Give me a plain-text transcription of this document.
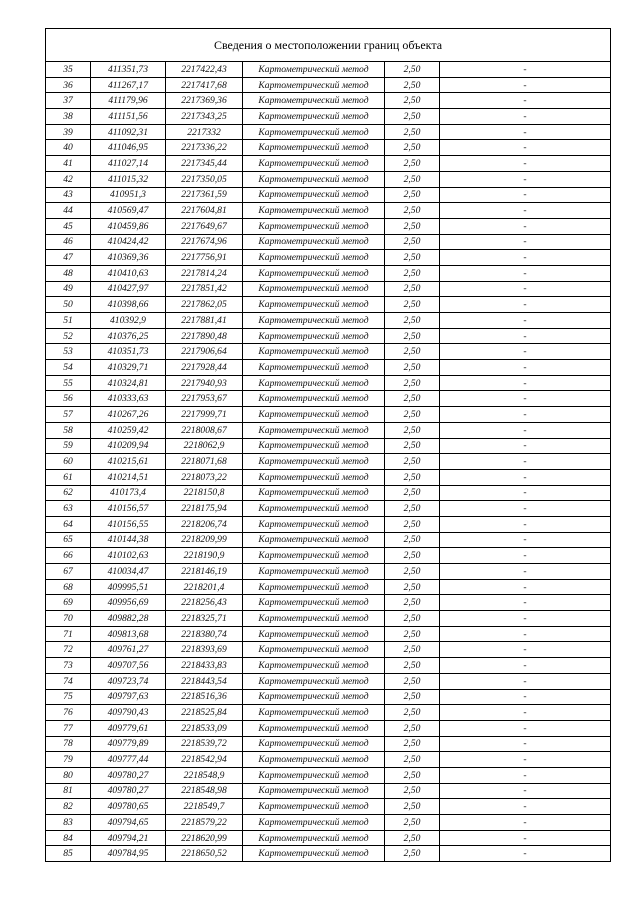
Сведения о местоположении границ объекта					
35	411351,73	2217422,43	Картометрический метод	2,50	-
36	411267,17	2217417,68	Картометрический метод	2,50	-
37	411179,96	2217369,36	Картометрический метод	2,50	-
38	411151,56	2217343,25	Картометрический метод	2,50	-
39	411092,31	2217332	Картометрический метод	2,50	-
40	411046,95	2217336,22	Картометрический метод	2,50	-
41	411027,14	2217345,44	Картометрический метод	2,50	-
42	411015,32	2217350,05	Картометрический метод	2,50	-
43	410951,3	2217361,59	Картометрический метод	2,50	-
44	410569,47	2217604,81	Картометрический метод	2,50	-
45	410459,86	2217649,67	Картометрический метод	2,50	-
46	410424,42	2217674,96	Картометрический метод	2,50	-
47	410369,36	2217756,91	Картометрический метод	2,50	-
48	410410,63	2217814,24	Картометрический метод	2,50	-
49	410427,97	2217851,42	Картометрический метод	2,50	-
50	410398,66	2217862,05	Картометрический метод	2,50	-
51	410392,9	2217881,41	Картометрический метод	2,50	-
52	410376,25	2217890,48	Картометрический метод	2,50	-
53	410351,73	2217906,64	Картометрический метод	2,50	-
54	410329,71	2217928,44	Картометрический метод	2,50	-
55	410324,81	2217940,93	Картометрический метод	2,50	-
56	410333,63	2217953,67	Картометрический метод	2,50	-
57	410267,26	2217999,71	Картометрический метод	2,50	-
58	410259,42	2218008,67	Картометрический метод	2,50	-
59	410209,94	2218062,9	Картометрический метод	2,50	-
60	410215,61	2218071,68	Картометрический метод	2,50	-
61	410214,51	2218073,22	Картометрический метод	2,50	-
62	410173,4	2218150,8	Картометрический метод	2,50	-
63	410156,57	2218175,94	Картометрический метод	2,50	-
64	410156,55	2218206,74	Картометрический метод	2,50	-
65	410144,38	2218209,99	Картометрический метод	2,50	-
66	410102,63	2218190,9	Картометрический метод	2,50	-
67	410034,47	2218146,19	Картометрический метод	2,50	-
68	409995,51	2218201,4	Картометрический метод	2,50	-
69	409956,69	2218256,43	Картометрический метод	2,50	-
70	409882,28	2218325,71	Картометрический метод	2,50	-
71	409813,68	2218380,74	Картометрический метод	2,50	-
72	409761,27	2218393,69	Картометрический метод	2,50	-
73	409707,56	2218433,83	Картометрический метод	2,50	-
74	409723,74	2218443,54	Картометрический метод	2,50	-
75	409797,63	2218516,36	Картометрический метод	2,50	-
76	409790,43	2218525,84	Картометрический метод	2,50	-
77	409779,61	2218533,09	Картометрический метод	2,50	-
78	409779,89	2218539,72	Картометрический метод	2,50	-
79	409777,44	2218542,94	Картометрический метод	2,50	-
80	409780,27	2218548,9	Картометрический метод	2,50	-
81	409780,27	2218548,98	Картометрический метод	2,50	-
82	409780,65	2218549,7	Картометрический метод	2,50	-
83	409794,65	2218579,22	Картометрический метод	2,50	-
84	409794,21	2218620,99	Картометрический метод	2,50	-
85	409784,95	2218650,52	Картометрический метод	2,50	-
